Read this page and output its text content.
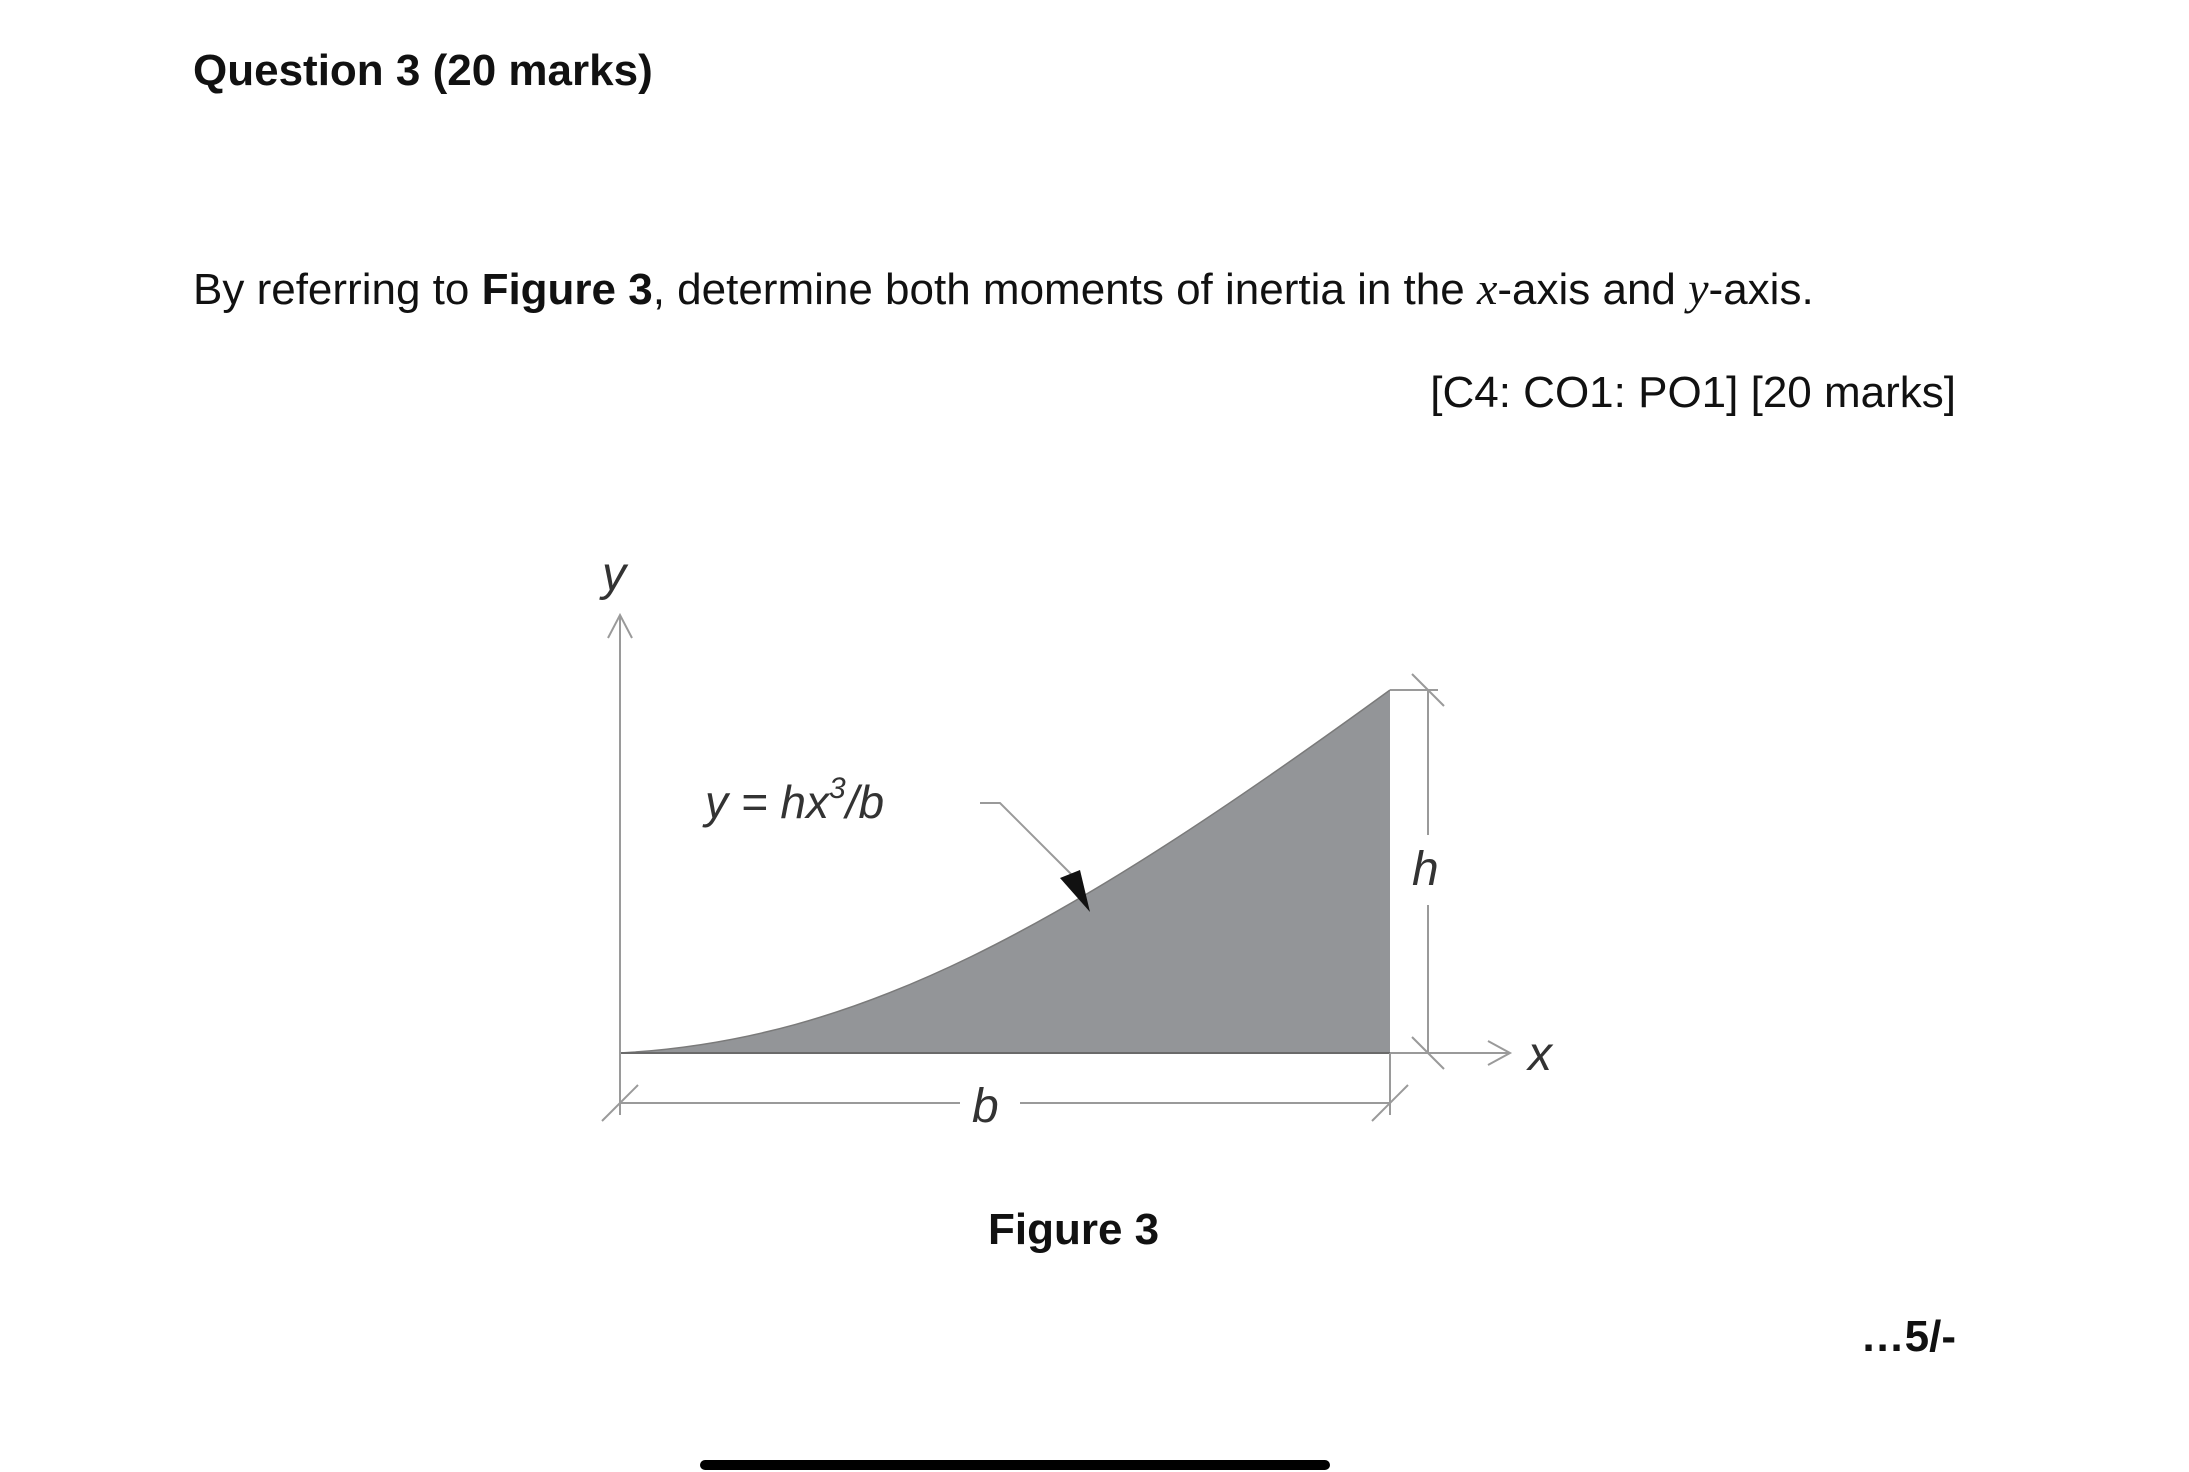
Question 3 (20 marks)
By referring to Figure 3, determine both moments of inertia in the x-axis and y-axis.
[C4: CO1: PO1] [20 marks]
y
x
h
b
$y = hx^3/b$
Figure 3
…5/-
